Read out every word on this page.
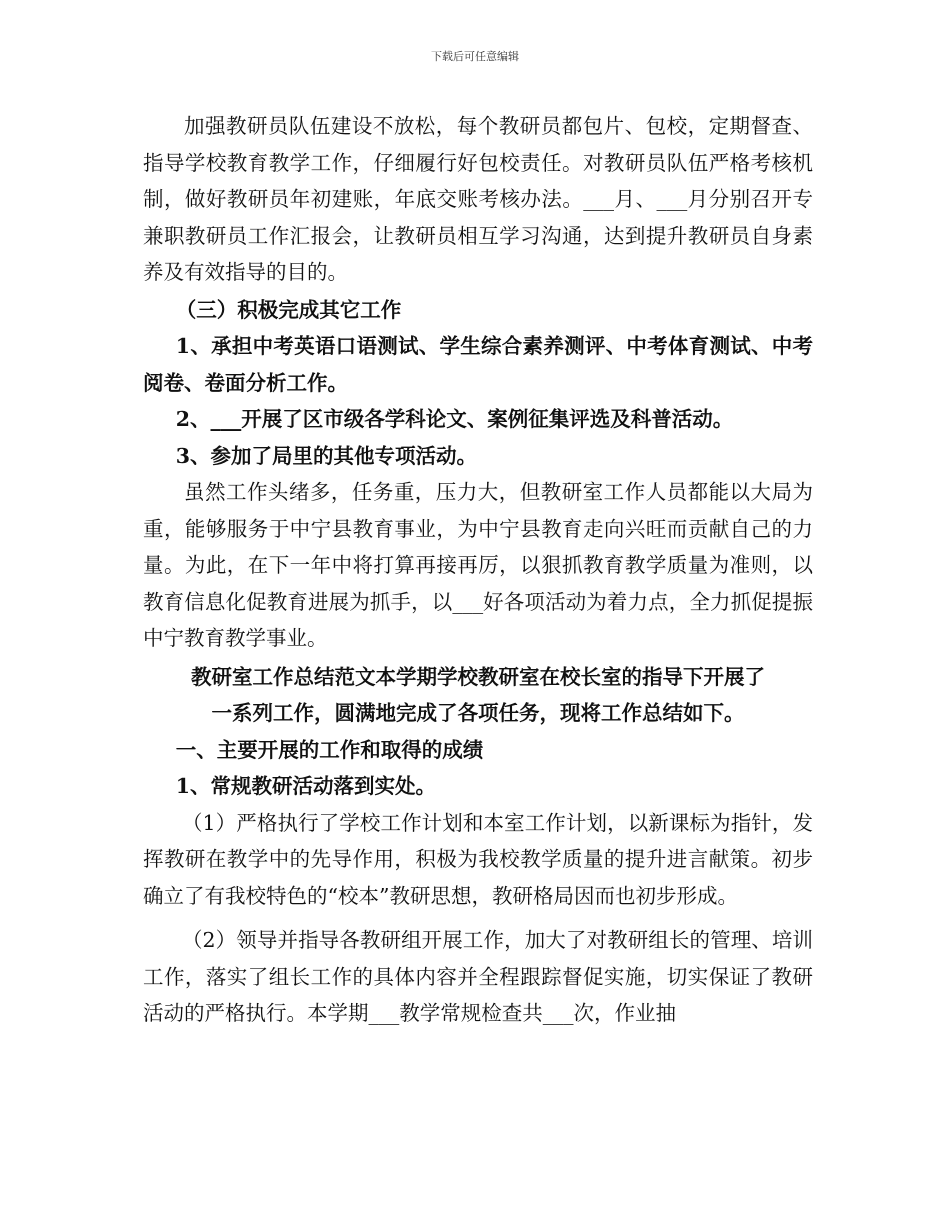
下载后可任意编辑

加强教研员队伍建设不放松，每个教研员都包片、包校，定期督查、指导学校教育教学工作，仔细履行好包校责任。对教研员队伍严格考核机制，做好教研员年初建账，年底交账考核办法。___月、___月分别召开专兼职教研员工作汇报会，让教研员相互学习沟通，达到提升教研员自身素养及有效指导的目的。

（三）积极完成其它工作

1、承担中考英语口语测试、学生综合素养测评、中考体育测试、中考阅卷、卷面分析工作。

2、___开展了区市级各学科论文、案例征集评选及科普活动。

3、参加了局里的其他专项活动。

虽然工作头绪多，任务重，压力大，但教研室工作人员都能以大局为重，能够服务于中宁县教育事业，为中宁县教育走向兴旺而贡献自己的力量。为此，在下一年中将打算再接再厉，以狠抓教育教学质量为准则，以教育信息化促教育进展为抓手，以___好各项活动为着力点，全力抓促提振中宁教育教学事业。

教研室工作总结范文本学期学校教研室在校长室的指导下开展了

一系列工作，圆满地完成了各项任务，现将工作总结如下。

一、主要开展的工作和取得的成绩

1、常规教研活动落到实处。

（1）严格执行了学校工作计划和本室工作计划，以新课标为指针，发挥教研在教学中的先导作用，积极为我校教学质量的提升进言献策。初步确立了有我校特色的“校本”教研思想，教研格局因而也初步形成。

（2）领导并指导各教研组开展工作，加大了对教研组长的管理、培训工作，落实了组长工作的具体内容并全程跟踪督促实施，切实保证了教研活动的严格执行。本学期___教学常规检查共___次，作业抽
